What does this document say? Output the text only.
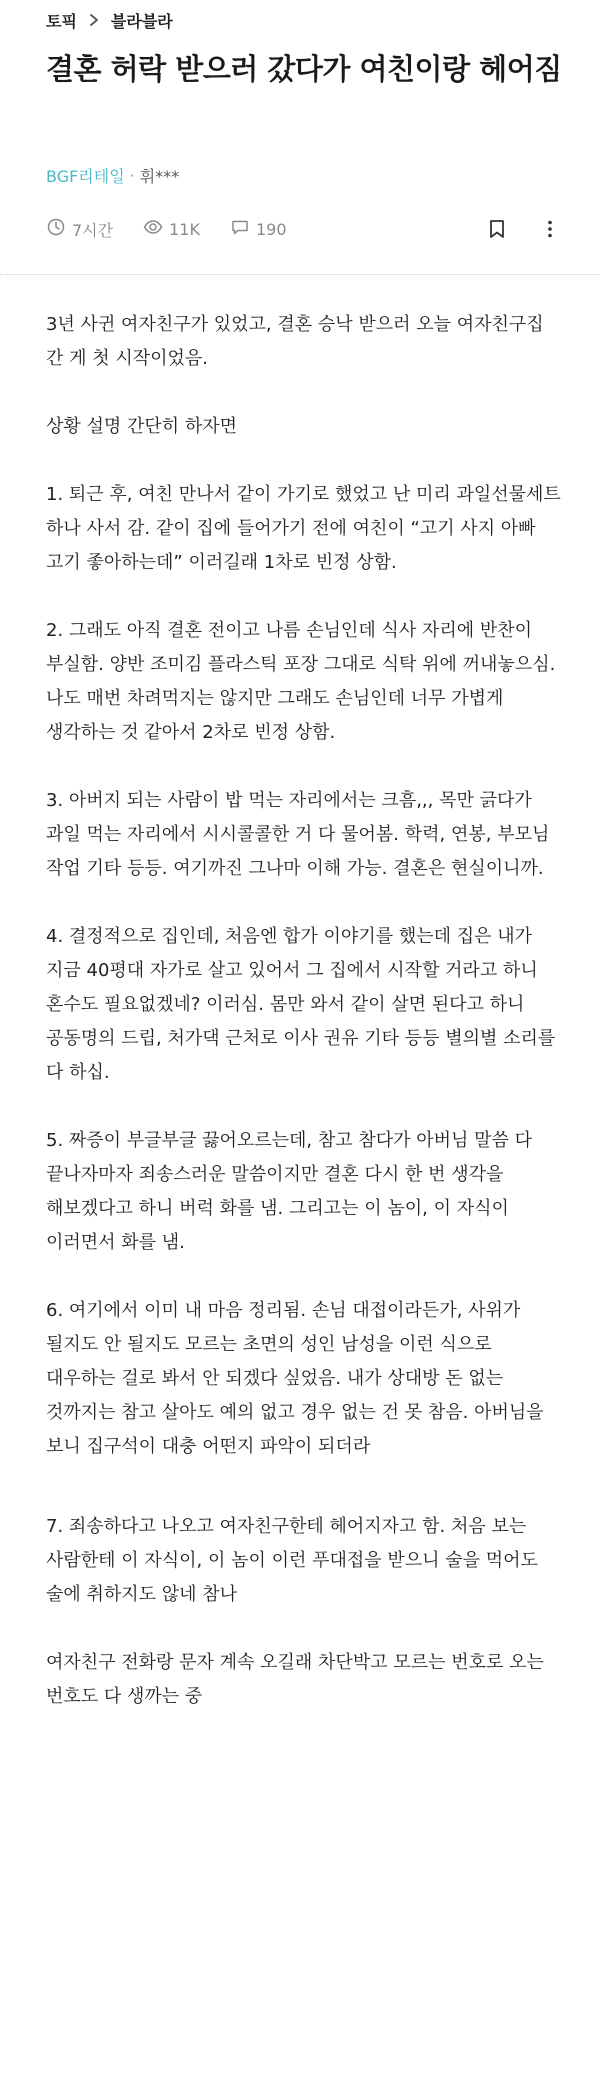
토픽 블라블라
결혼 허락 받으러 갔다가 여친이랑 헤어짐
BGF리테일 · 휘***
7시간	11K	190

3년 사귄 여자친구가 있었고, 결혼 승낙 받으러 오늘 여자친구집 간 게 첫 시작이었음.

상황 설명 간단히 하자면

1. 퇴근 후, 여친 만나서 같이 가기로 했었고 난 미리 과일선물세트 하나 사서 감. 같이 집에 들어가기 전에 여친이 “고기 사지 아빠 고기 좋아하는데” 이러길래 1차로 빈정 상함.

2. 그래도 아직 결혼 전이고 나름 손님인데 식사 자리에 반찬이 부실함. 양반 조미김 플라스틱 포장 그대로 식탁 위에 꺼내놓으심. 나도 매번 차려먹지는 않지만 그래도 손님인데 너무 가볍게 생각하는 것 같아서 2차로 빈정 상함.

3. 아버지 되는 사람이 밥 먹는 자리에서는 크흠,,, 목만 긁다가 과일 먹는 자리에서 시시콜콜한 거 다 물어봄. 학력, 연봉, 부모님 작업 기타 등등. 여기까진 그나마 이해 가능. 결혼은 현실이니까.

4. 결정적으로 집인데, 처음엔 합가 이야기를 했는데 집은 내가 지금 40평대 자가로 살고 있어서 그 집에서 시작할 거라고 하니 혼수도 필요없겠네? 이러심. 몸만 와서 같이 살면 된다고 하니 공동명의 드립, 처가댁 근처로 이사 권유 기타 등등 별의별 소리를 다 하십.

5. 짜증이 부글부글 끓어오르는데, 참고 참다가 아버님 말씀 다 끝나자마자 죄송스러운 말씀이지만 결혼 다시 한 번 생각을 해보겠다고 하니 버럭 화를 냄. 그리고는 이 놈이, 이 자식이 이러면서 화를 냄.

6. 여기에서 이미 내 마음 정리됨. 손님 대접이라든가, 사위가 될지도 안 될지도 모르는 초면의 성인 남성을 이런 식으로 대우하는 걸로 봐서 안 되겠다 싶었음. 내가 상대방 돈 없는 것까지는 참고 살아도 예의 없고 경우 없는 건 못 참음. 아버님을 보니 집구석이 대충 어떤지 파악이 되더라

7. 죄송하다고 나오고 여자친구한테 헤어지자고 함. 처음 보는 사람한테 이 자식이, 이 놈이 이런 푸대접을 받으니 술을 먹어도 술에 취하지도 않네 참나

여자친구 전화랑 문자 계속 오길래 차단박고 모르는 번호로 오는 번호도 다 생까는 중
